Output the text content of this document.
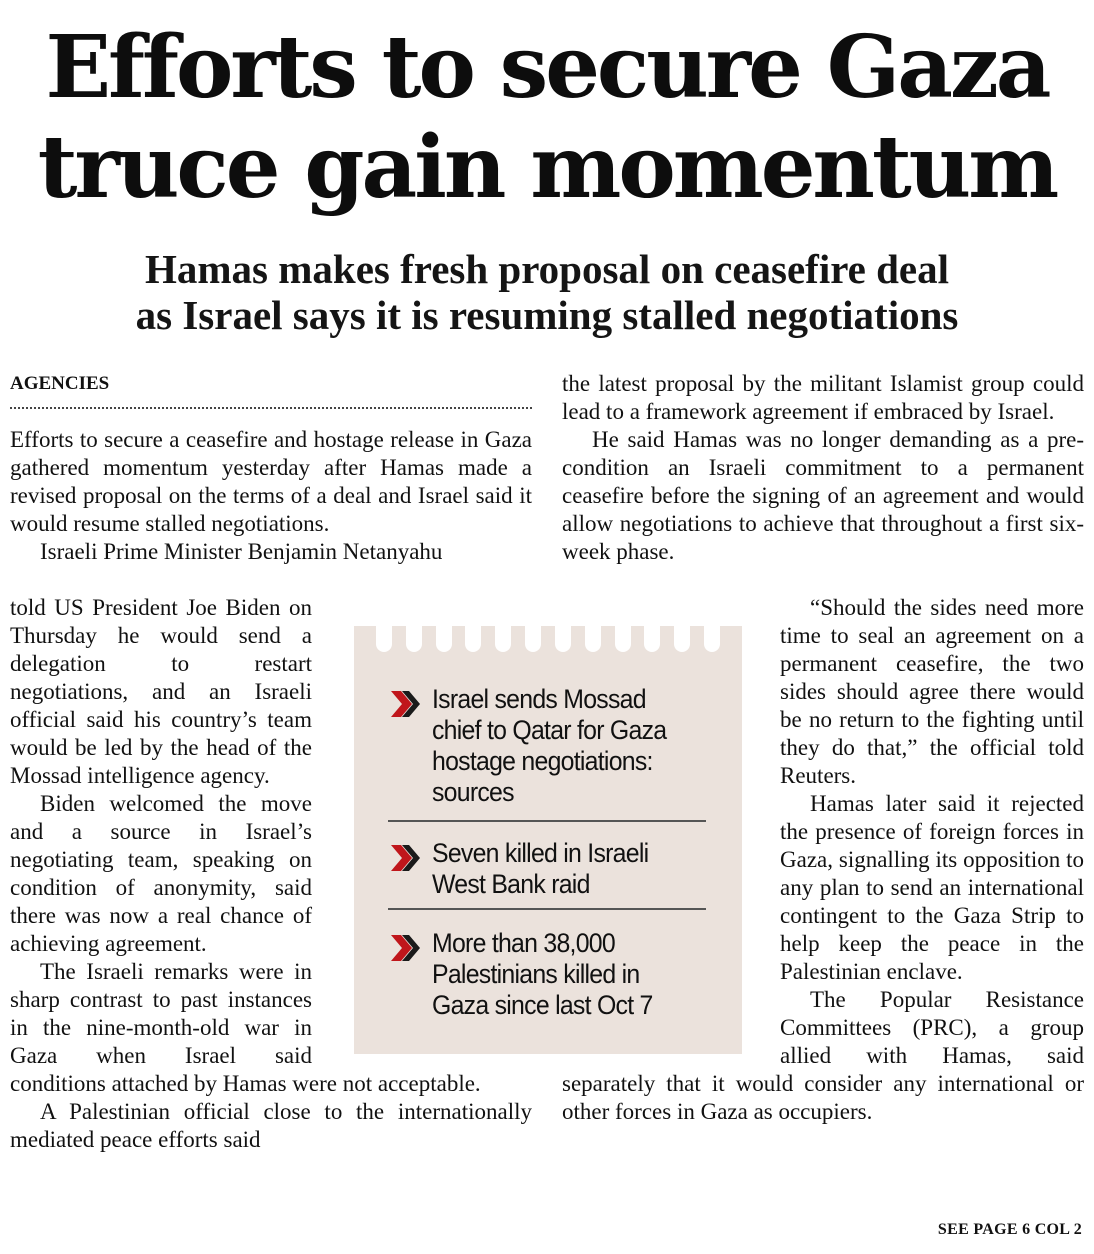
Efforts to secure Gaza
truce gain momentum
Hamas makes fresh proposal on ceasefire deal
as Israel says it is resuming stalled negotiations
AGENCIES

Efforts to secure a ceasefire and hostage release in Gaza gathered momentum yesterday after Hamas made a revised proposal on the terms of a deal and Israel said it would resume stalled negotiations.

Israeli Prime Minister Benjamin Netanyahu

told US President Joe Biden on Thursday he would send a delegation to restart negotiations, and an Israeli official said his country’s team would be led by the head of the Mossad intelligence agency.

Biden welcomed the move and a source in Israel’s negotiating team, speaking on condition of anonymity, said there was now a real chance of achieving agreement.

The Israeli remarks were in sharp contrast to past instances in the nine-month-old war in Gaza when Israel said conditions attached by Hamas were not acceptable.

A Palestinian official close to the internationally mediated peace efforts said

the latest proposal by the militant Islamist group could lead to a framework agreement if embraced by Israel.

He said Hamas was no longer demanding as a pre-condition an Israeli commitment to a permanent ceasefire before the signing of an agreement and would allow negotiations to achieve that throughout a first six-week phase.

“Should the sides need more time to seal an agreement on a permanent ceasefire, the two sides should agree there would be no return to the fighting until they do that,” the official told Reuters.

Hamas later said it rejected the presence of foreign forces in Gaza, signalling its opposition to any plan to send an international contingent to the Gaza Strip to help keep the peace in the Palestinian enclave.

The Popular Resistance Committees (PRC), a group allied with Hamas, said separately that it would consider any international or other forces in Gaza as occupiers.

Israel sends Mossad
chief to Qatar for Gaza
hostage negotiations:
sources
Seven killed in Israeli
West Bank raid
More than 38,000
Palestinians killed in
Gaza since last Oct 7
SEE PAGE 6 COL 2
